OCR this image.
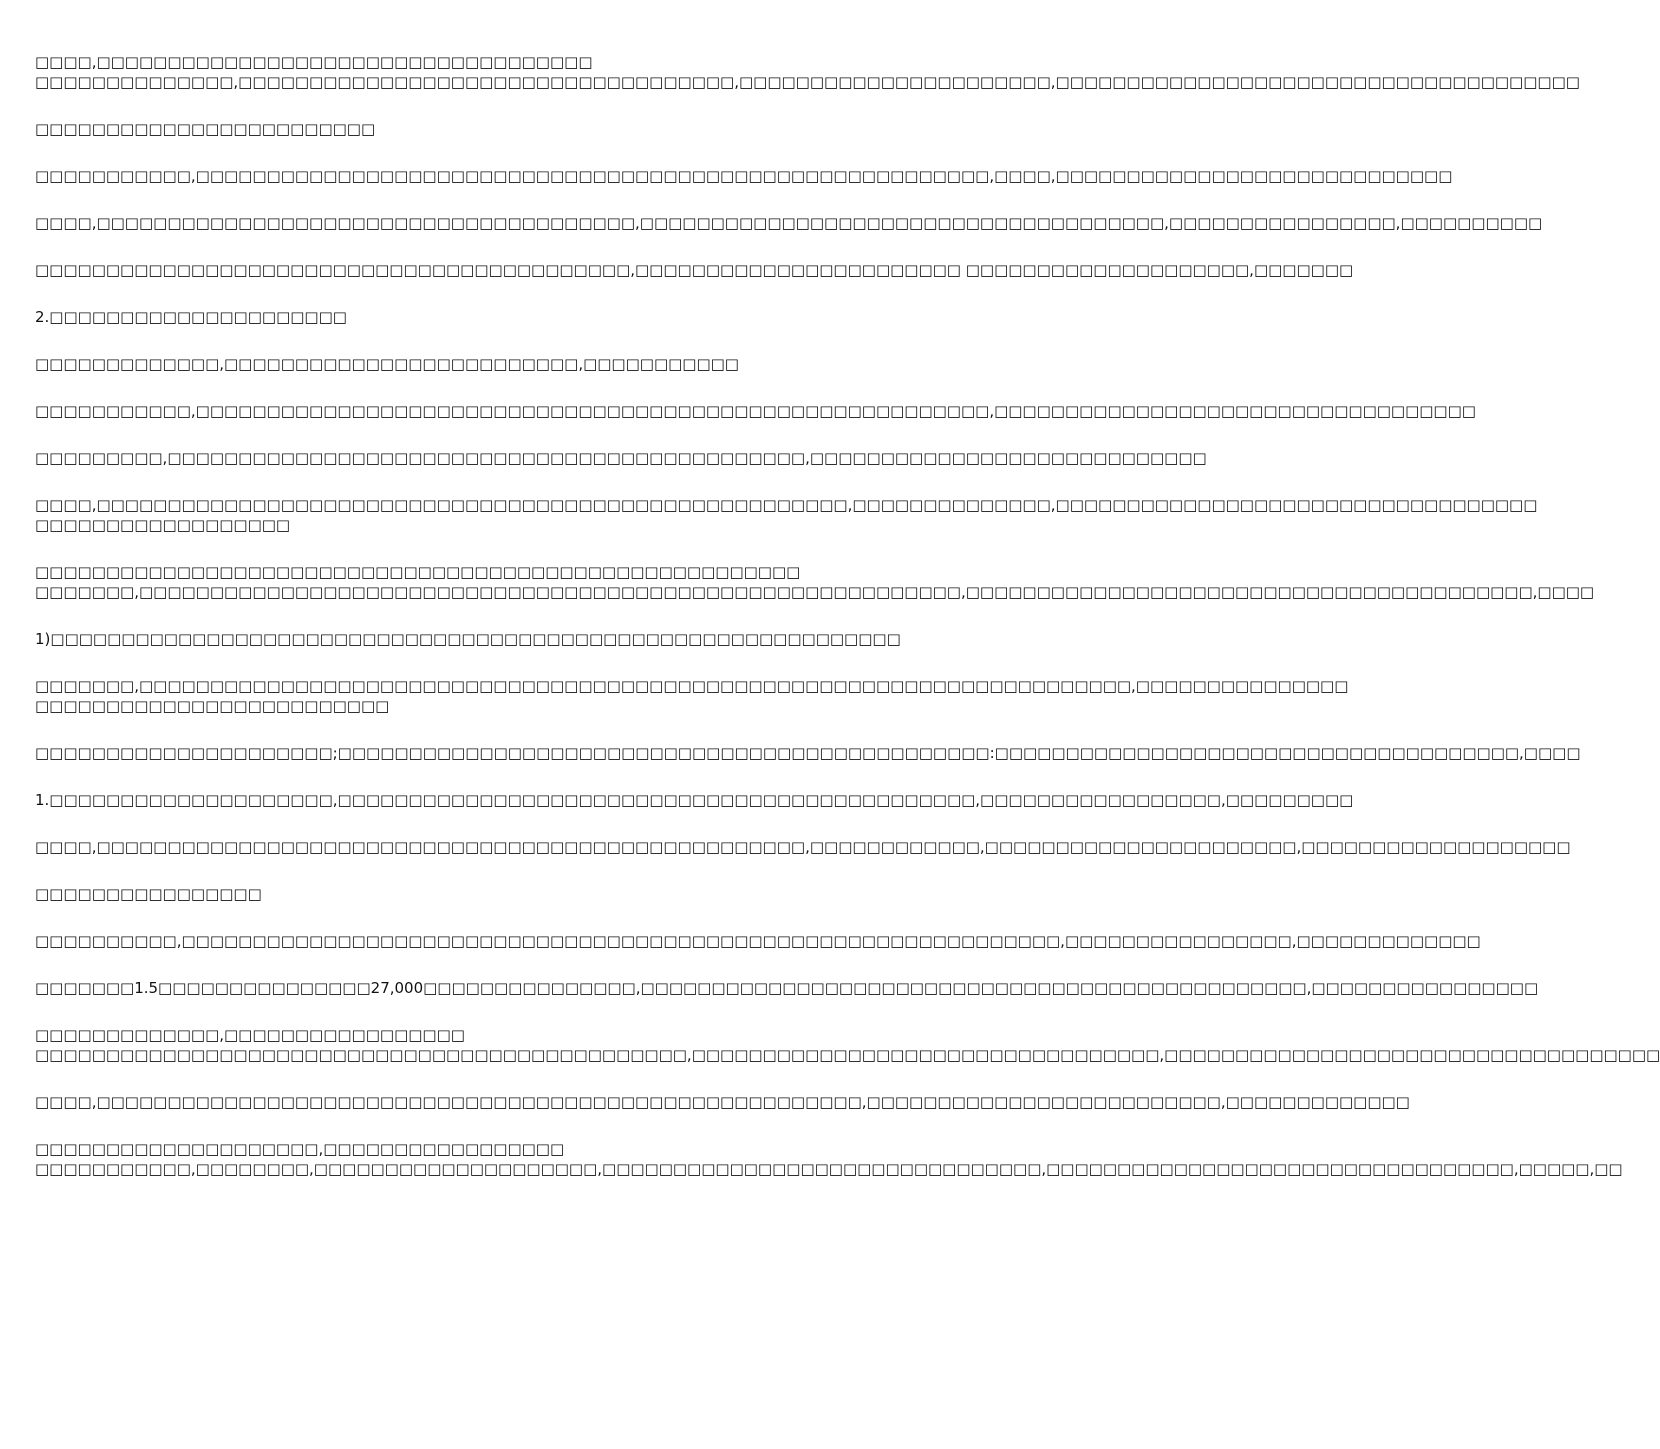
□□□□,□□□□□□□□□□□□□□□□□□□□□□□□□□□□□□□□□□□
□□□□□□□□□□□□□□,□□□□□□□□□□□□□□□□□□□□□□□□□□□□□□□□□□□,□□□□□□□□□□□□□□□□□□□□□□,□□□□□□□□□□□□□□□□□□□□□□□□□□□□□□□□□□□□□
□□□□□□□□□□□□□□□□□□□□□□□□
□□□□□□□□□□□,□□□□□□□□□□□□□□□□□□□□□□□□□□□□□□□□□□□□□□□□□□□□□□□□□□□□□□□□,□□□□,□□□□□□□□□□□□□□□□□□□□□□□□□□□□
□□□□,□□□□□□□□□□□□□□□□□□□□□□□□□□□□□□□□□□□□□□,□□□□□□□□□□□□□□□□□□□□□□□□□□□□□□□□□□□□□,□□□□□□□□□□□□□□□□,□□□□□□□□□□
□□□□□□□□□□□□□□□□□□□□□□□□□□□□□□□□□□□□□□□□□□,□□□□□□□□□□□□□□□□□□□□□□□ □□□□□□□□□□□□□□□□□□□□,□□□□□□□
2.□□□□□□□□□□□□□□□□□□□□□
□□□□□□□□□□□□□,□□□□□□□□□□□□□□□□□□□□□□□□□,□□□□□□□□□□□
□□□□□□□□□□□,□□□□□□□□□□□□□□□□□□□□□□□□□□□□□□□□□□□□□□□□□□□□□□□□□□□□□□□□,□□□□□□□□□□□□□□□□□□□□□□□□□□□□□□□□□□
□□□□□□□□□,□□□□□□□□□□□□□□□□□□□□□□□□□□□□□□□□□□□□□□□□□□□□□,□□□□□□□□□□□□□□□□□□□□□□□□□□□□
□□□□,□□□□□□□□□□□□□□□□□□□□□□□□□□□□□□□□□□□□□□□□□□□□□□□□□□□□□,□□□□□□□□□□□□□□,□□□□□□□□□□□□□□□□□□□□□□□□□□□□□□□□□□
□□□□□□□□□□□□□□□□□□
□□□□□□□□□□□□□□□□□□□□□□□□□□□□□□□□□□□□□□□□□□□□□□□□□□□□□□
□□□□□□□,□□□□□□□□□□□□□□□□□□□□□□□□□□□□□□□□□□□□□□□□□□□□□□□□□□□□□□□□□□,□□□□□□□□□□□□□□□□□□□□□□□□□□□□□□□□□□□□□□□□,□□□□
1)□□□□□□□□□□□□□□□□□□□□□□□□□□□□□□□□□□□□□□□□□□□□□□□□□□□□□□□□□□□□
□□□□□□□,□□□□□□□□□□□□□□□□□□□□□□□□□□□□□□□□□□□□□□□□□□□□□□□□□□□□□□□□□□□□□□□□□□□□□□,□□□□□□□□□□□□□□□
□□□□□□□□□□□□□□□□□□□□□□□□□
□□□□□□□□□□□□□□□□□□□□□;□□□□□□□□□□□□□□□□□□□□□□□□□□□□□□□□□□□□□□□□□□□□□□:□□□□□□□□□□□□□□□□□□□□□□□□□□□□□□□□□□□□□,□□□□
1.□□□□□□□□□□□□□□□□□□□□,□□□□□□□□□□□□□□□□□□□□□□□□□□□□□□□□□□□□□□□□□□□□□,□□□□□□□□□□□□□□□□□,□□□□□□□□□
□□□□,□□□□□□□□□□□□□□□□□□□□□□□□□□□□□□□□□□□□□□□□□□□□□□□□□□,□□□□□□□□□□□□,□□□□□□□□□□□□□□□□□□□□□□,□□□□□□□□□□□□□□□□□□□
□□□□□□□□□□□□□□□□
□□□□□□□□□□,□□□□□□□□□□□□□□□□□□□□□□□□□□□□□□□□□□□□□□□□□□□□□□□□□□□□□□□□□□□□□□,□□□□□□□□□□□□□□□□,□□□□□□□□□□□□□
□□□□□□□1.5□□□□□□□□□□□□□□□27,000□□□□□□□□□□□□□□□,□□□□□□□□□□□□□□□□□□□□□□□□□□□□□□□□□□□□□□□□□□□□□□□,□□□□□□□□□□□□□□□□
□□□□□□□□□□□□□,□□□□□□□□□□□□□□□□□
□□□□□□□□□□□□□□□□□□□□□□□□□□□□□□□□□□□□□□□□□□□□□□,□□□□□□□□□□□□□□□□□□□□□□□□□□□□□□□□□,□□□□□□□□□□□□□□□□□□□□□□□□□□□□□□□□□□□
□□□□,□□□□□□□□□□□□□□□□□□□□□□□□□□□□□□□□□□□□□□□□□□□□□□□□□□□□□□,□□□□□□□□□□□□□□□□□□□□□□□□□,□□□□□□□□□□□□□
□□□□□□□□□□□□□□□□□□□□,□□□□□□□□□□□□□□□□□
□□□□□□□□□□□,□□□□□□□□,□□□□□□□□□□□□□□□□□□□□,□□□□□□□□□□□□□□□□□□□□□□□□□□□□□□□,□□□□□□□□□□□□□□□□□□□□□□□□□□□□□□□□□,□□□□□,□□
